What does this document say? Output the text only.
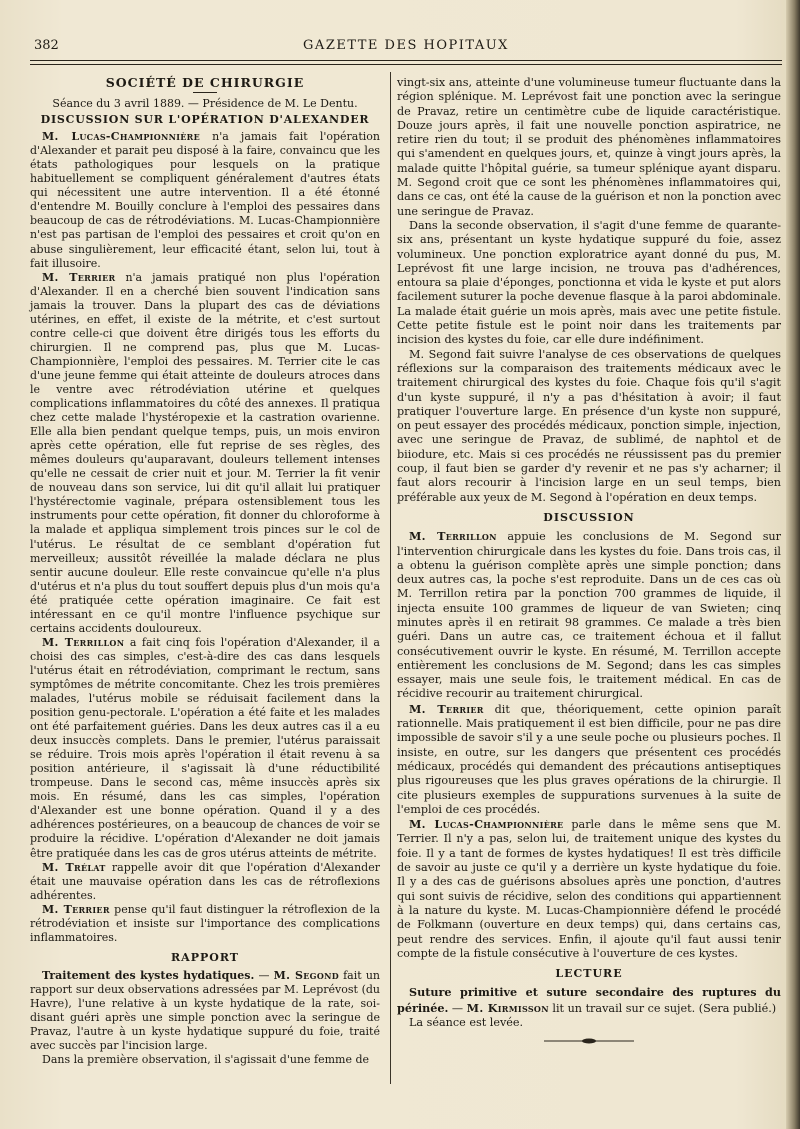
382	GAZETTE DES HOPITAUX
SOCIÉTÉ DE CHIRURGIE

Séance du 3 avril 1889. — Présidence de M. Le Dentu.

DISCUSSION SUR L'OPÉRATION D'ALEXANDER

M. Lucas-Championnière n'a jamais fait l'opération d'Alexander et parait peu disposé à la faire, convaincu que les états pathologiques pour lesquels on la pratique habituellement se compliquent généralement d'autres états qui nécessitent une autre intervention. Il a été étonné d'entendre M. Bouilly conclure à l'emploi des pessaires dans beaucoup de cas de rétrodéviations. M. Lucas-Championnière n'est pas partisan de l'emploi des pessaires et croit qu'on en abuse singulièrement, leur efficacité étant, selon lui, tout à fait illusoire.

M. Terrier n'a jamais pratiqué non plus l'opération d'Alexander. Il en a cherché bien souvent l'indication sans jamais la trouver. Dans la plupart des cas de déviations utérines, en effet, il existe de la métrite, et c'est surtout contre celle-ci que doivent être dirigés tous les efforts du chirurgien. Il ne comprend pas, plus que M. Lucas-Championnière, l'emploi des pessaires. M. Terrier cite le cas d'une jeune femme qui était atteinte de douleurs atroces dans le ventre avec rétrodéviation utérine et quelques complications inflammatoires du côté des annexes. Il pratiqua chez cette malade l'hystéropexie et la castration ovarienne. Elle alla bien pendant quelque temps, puis, un mois environ après cette opération, elle fut reprise de ses règles, des mêmes douleurs qu'auparavant, douleurs tellement intenses qu'elle ne cessait de crier nuit et jour. M. Terrier la fit venir de nouveau dans son service, lui dit qu'il allait lui pratiquer l'hystérectomie vaginale, prépara ostensiblement tous les instruments pour cette opération, fit donner du chloroforme à la malade et appliqua simplement trois pinces sur le col de l'utérus. Le résultat de ce semblant d'opération fut merveilleux; aussitôt réveillée la malade déclara ne plus sentir aucune douleur. Elle reste convaincue qu'elle n'a plus d'utérus et n'a plus du tout souffert depuis plus d'un mois qu'a été pratiquée cette opération imaginaire. Ce fait est intéressant en ce qu'il montre l'influence psychique sur certains accidents douloureux.

M. Terrillon a fait cinq fois l'opération d'Alexander, il a choisi des cas simples, c'est-à-dire des cas dans lesquels l'utérus était en rétrodéviation, comprimant le rectum, sans symptômes de métrite concomitante. Chez les trois premières malades, l'utérus mobile se réduisait facilement dans la position genu-pectorale. L'opération a été faite et les malades ont été parfaitement guéries. Dans les deux autres cas il a eu deux insuccès complets. Dans le premier, l'utérus paraissait se réduire. Trois mois après l'opération il était revenu à sa position antérieure, il s'agissait là d'une réductibilité trompeuse. Dans le second cas, même insuccès après six mois. En résumé, dans les cas simples, l'opération d'Alexander est une bonne opération. Quand il y a des adhérences postérieures, on a beaucoup de chances de voir se produire la récidive. L'opération d'Alexander ne doit jamais être pratiquée dans les cas de gros utérus atteints de métrite.

M. Trélat rappelle avoir dit que l'opération d'Alexander était une mauvaise opération dans les cas de rétroflexions adhérentes.

M. Terrier pense qu'il faut distinguer la rétroflexion de la rétrodéviation et insiste sur l'importance des complications inflammatoires.

RAPPORT

Traitement des kystes hydatiques. — M. Segond fait un rapport sur deux observations adressées par M. Leprévost (du Havre), l'une relative à un kyste hydatique de la rate, soi-disant guéri après une simple ponction avec la seringue de Pravaz, l'autre à un kyste hydatique suppuré du foie, traité avec succès par l'incision large.

Dans la première observation, il s'agissait d'une femme de

vingt-six ans, atteinte d'une volumineuse tumeur fluctuante dans la région splénique. M. Leprévost fait une ponction avec la seringue de Pravaz, retire un centimètre cube de liquide caractéristique. Douze jours après, il fait une nouvelle ponction aspiratrice, ne retire rien du tout; il se produit des phénomènes inflammatoires qui s'amendent en quelques jours, et, quinze à vingt jours après, la malade quitte l'hôpital guérie, sa tumeur splénique ayant disparu. M. Segond croit que ce sont les phénomènes inflammatoires qui, dans ce cas, ont été la cause de la guérison et non la ponction avec une seringue de Pravaz.

Dans la seconde observation, il s'agit d'une femme de quarante-six ans, présentant un kyste hydatique suppuré du foie, assez volumineux. Une ponction exploratrice ayant donné du pus, M. Leprévost fit une large incision, ne trouva pas d'adhérences, entoura sa plaie d'éponges, ponctionna et vida le kyste et put alors facilement suturer la poche devenue flasque à la paroi abdominale. La malade était guérie un mois après, mais avec une petite fistule. Cette petite fistule est le point noir dans les traitements par incision des kystes du foie, car elle dure indéfiniment.

M. Segond fait suivre l'analyse de ces observations de quelques réflexions sur la comparaison des traitements médicaux avec le traitement chirurgical des kystes du foie. Chaque fois qu'il s'agit d'un kyste suppuré, il n'y a pas d'hésitation à avoir; il faut pratiquer l'ouverture large. En présence d'un kyste non suppuré, on peut essayer des procédés médicaux, ponction simple, injection, avec une seringue de Pravaz, de sublimé, de naphtol et de biiodure, etc. Mais si ces procédés ne réussissent pas du premier coup, il faut bien se garder d'y revenir et ne pas s'y acharner; il faut alors recourir à l'incision large en un seul temps, bien préférable aux yeux de M. Segond à l'opération en deux temps.

DISCUSSION

M. Terrillon appuie les conclusions de M. Segond sur l'intervention chirurgicale dans les kystes du foie. Dans trois cas, il a obtenu la guérison complète après une simple ponction; dans deux autres cas, la poche s'est reproduite. Dans un de ces cas où M. Terrillon retira par la ponction 700 grammes de liquide, il injecta ensuite 100 grammes de liqueur de van Swieten; cinq minutes après il en retirait 98 grammes. Ce malade a très bien guéri. Dans un autre cas, ce traitement échoua et il fallut consécutivement ouvrir le kyste. En résumé, M. Terrillon accepte entièrement les conclusions de M. Segond; dans les cas simples essayer, mais une seule fois, le traitement médical. En cas de récidive recourir au traitement chirurgical.

M. Terrier dit que, théoriquement, cette opinion paraît rationnelle. Mais pratiquement il est bien difficile, pour ne pas dire impossible de savoir s'il y a une seule poche ou plusieurs poches. Il insiste, en outre, sur les dangers que présentent ces procédés médicaux, procédés qui demandent des précautions antiseptiques plus rigoureuses que les plus graves opérations de la chirurgie. Il cite plusieurs exemples de suppurations survenues à la suite de l'emploi de ces procédés.

M. Lucas-Championnière parle dans le même sens que M. Terrier. Il n'y a pas, selon lui, de traitement unique des kystes du foie. Il y a tant de formes de kystes hydatiques! Il est très difficile de savoir au juste ce qu'il y a derrière un kyste hydatique du foie. Il y a des cas de guérisons absolues après une ponction, d'autres qui sont suivis de récidive, selon des conditions qui appartiennent à la nature du kyste. M. Lucas-Championnière défend le procédé de Folkmann (ouverture en deux temps) qui, dans certains cas, peut rendre des services. Enfin, il ajoute qu'il faut aussi tenir compte de la fistule consécutive à l'ouverture de ces kystes.

LECTURE

Suture primitive et suture secondaire des ruptures du périnée. — M. Kirmisson lit un travail sur ce sujet. (Sera publié.)

La séance est levée.
